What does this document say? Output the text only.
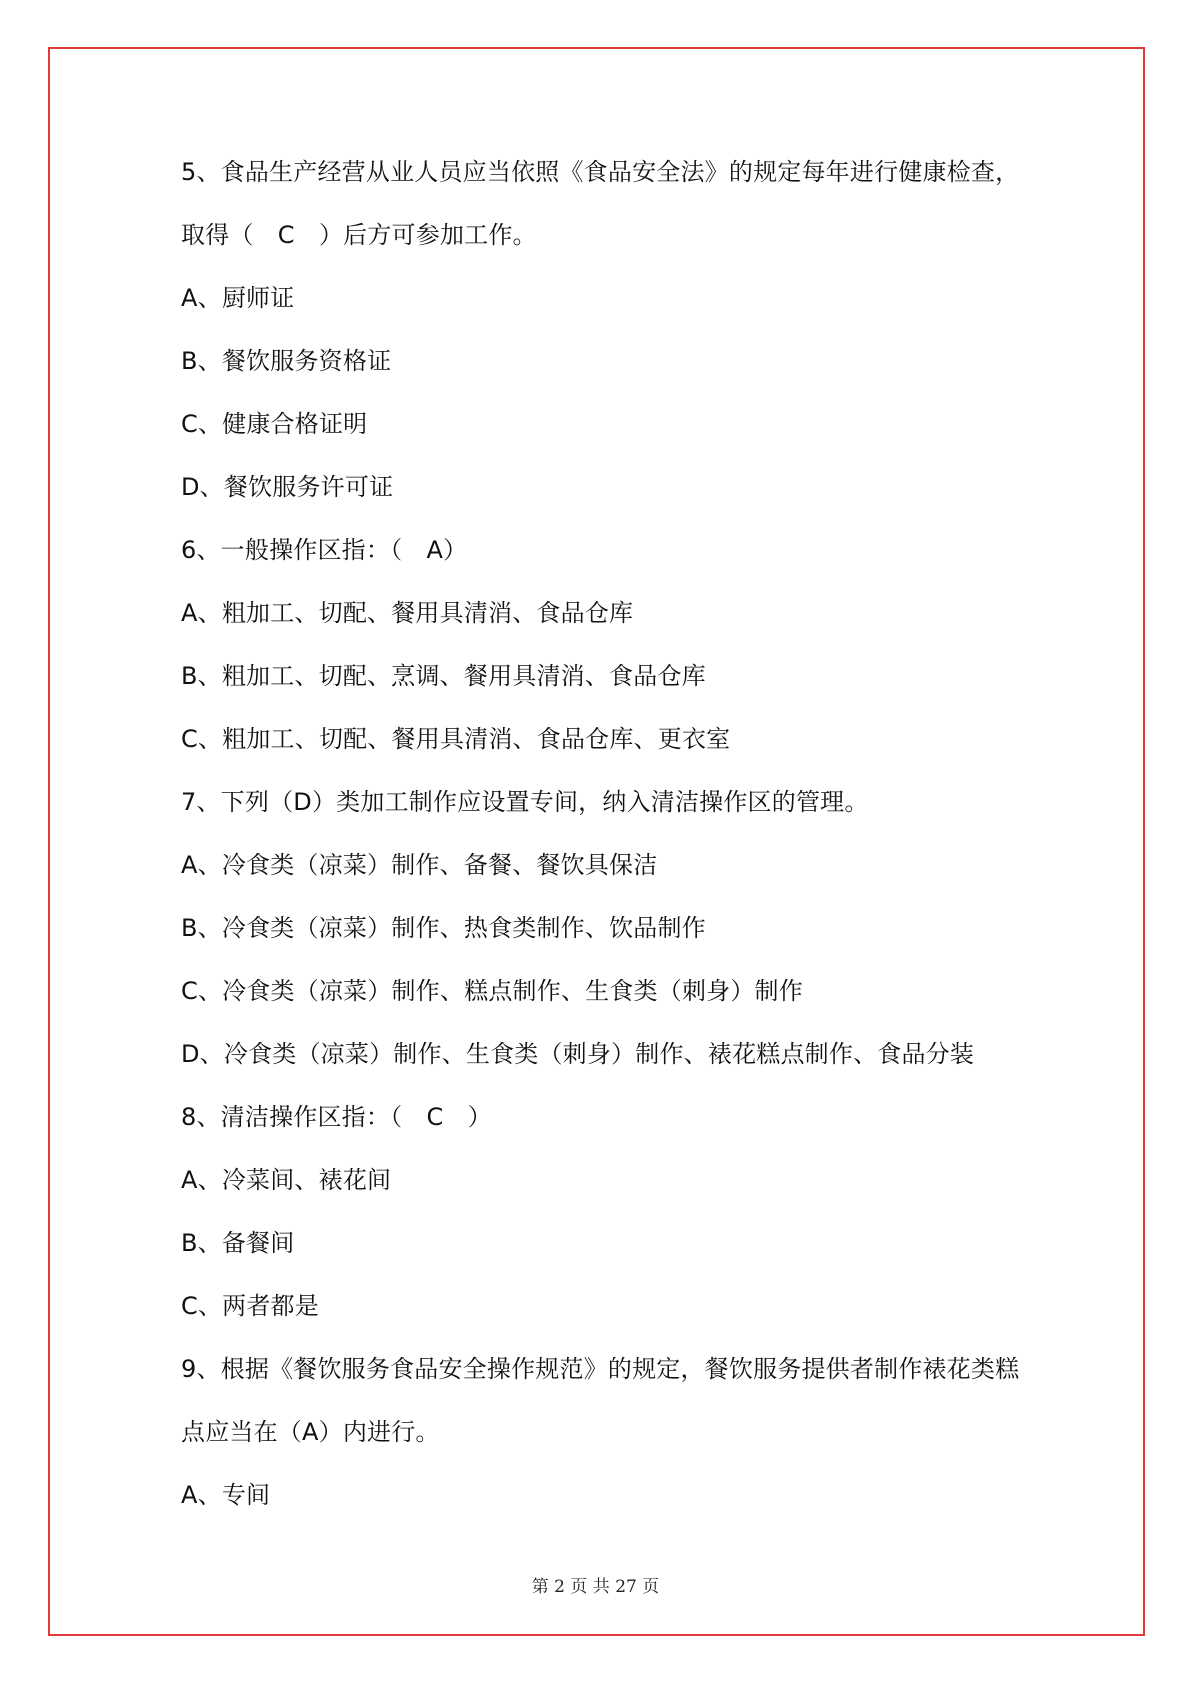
5、食品生产经营从业人员应当依照《食品安全法》的规定每年进行健康检查，
取得（　C　）后方可参加工作。
A、厨师证
B、餐饮服务资格证
C、健康合格证明
D、餐饮服务许可证
6、一般操作区指：（　A）
A、粗加工、切配、餐用具清消、食品仓库
B、粗加工、切配、烹调、餐用具清消、食品仓库
C、粗加工、切配、餐用具清消、食品仓库、更衣室
7、下列（D）类加工制作应设置专间，纳入清洁操作区的管理。
A、冷食类（凉菜）制作、备餐、餐饮具保洁
B、冷食类（凉菜）制作、热食类制作、饮品制作
C、冷食类（凉菜）制作、糕点制作、生食类（刺身）制作
D、冷食类（凉菜）制作、生食类（刺身）制作、裱花糕点制作、食品分装
8、清洁操作区指：（　C　）
A、冷菜间、裱花间
B、备餐间
C、两者都是
9、根据《餐饮服务食品安全操作规范》的规定，餐饮服务提供者制作裱花类糕
点应当在（A）内进行。
A、专间
第 2 页 共 27 页
